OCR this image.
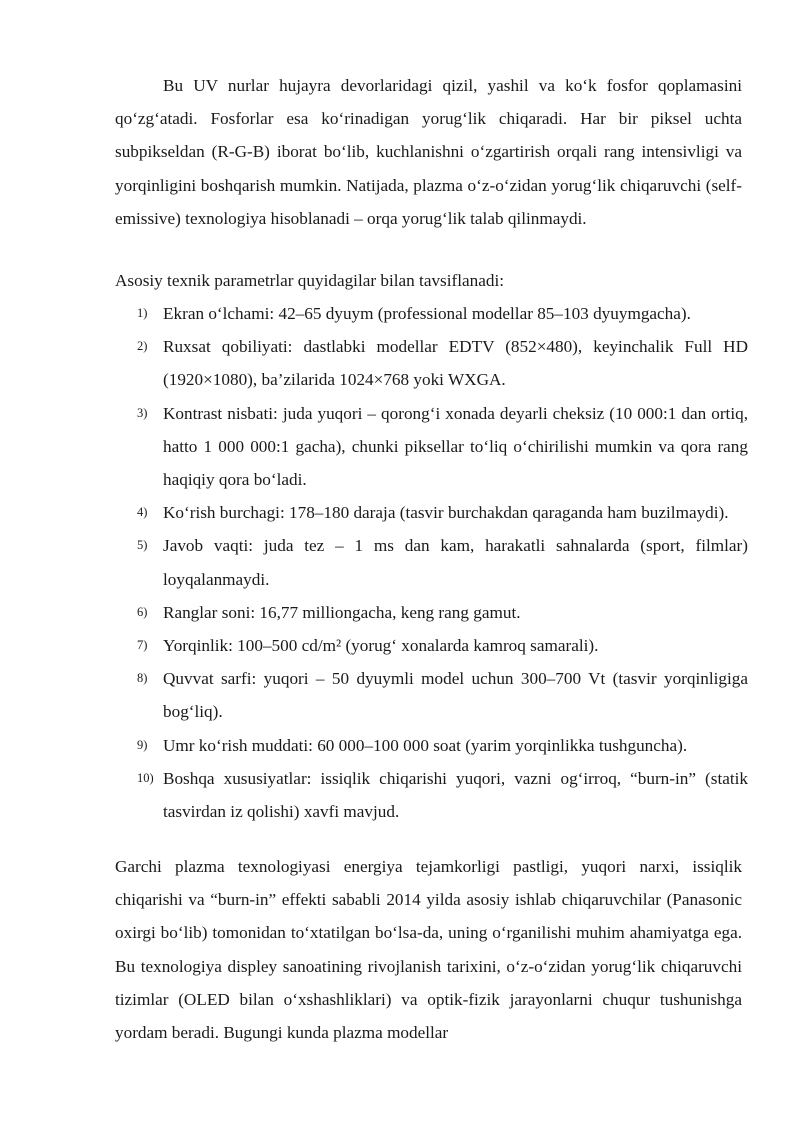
Bu UV nurlar hujayra devorlaridagi qizil, yashil va ko‘k fosfor qoplamasini qo‘zg‘atadi. Fosforlar esa ko‘rinadigan yorug‘lik chiqaradi. Har bir piksel uchta subpikseldan (R-G-B) iborat bo‘lib, kuchlanishni o‘zgartirish orqali rang intensivligi va yorqinligini boshqarish mumkin. Natijada, plazma o‘z-o‘zidan yorug‘lik chiqaruvchi (self-emissive) texnologiya hisoblanadi – orqa yorug‘lik talab qilinmaydi.

Asosiy texnik parametrlar quyidagilar bilan tavsiflanadi:
1) Ekran o‘lchami: 42–65 dyuym (professional modellar 85–103 dyuymgacha).
2) Ruxsat qobiliyati: dastlabki modellar EDTV (852×480), keyinchalik Full HD (1920×1080), ba’zilarida 1024×768 yoki WXGA.
3) Kontrast nisbati: juda yuqori – qorong‘i xonada deyarli cheksiz (10 000:1 dan ortiq, hatto 1 000 000:1 gacha), chunki piksellar to‘liq o‘chirilishi mumkin va qora rang haqiqiy qora bo‘ladi.
4) Ko‘rish burchagi: 178–180 daraja (tasvir burchakdan qaraganda ham buzilmaydi).
5) Javob vaqti: juda tez – 1 ms dan kam, harakatli sahnalarda (sport, filmlar) loyqalanmaydi.
6) Ranglar soni: 16,77 milliongacha, keng rang gamut.
7) Yorqinlik: 100–500 cd/m² (yorug‘ xonalarda kamroq samarali).
8) Quvvat sarfi: yuqori – 50 dyuymli model uchun 300–700 Vt (tasvir yorqinligiga bog‘liq).
9) Umr ko‘rish muddati: 60 000–100 000 soat (yarim yorqinlikka tushguncha).
10) Boshqa xususiyatlar: issiqlik chiqarishi yuqori, vazni og‘irroq, “burn-in” (statik tasvirdan iz qolishi) xavfi mavjud.

Garchi plazma texnologiyasi energiya tejamkorligi pastligi, yuqori narxi, issiqlik chiqarishi va “burn-in” effekti sababli 2014 yilda asosiy ishlab chiqaruvchilar (Panasonic oxirgi bo‘lib) tomonidan to‘xtatilgan bo‘lsa-da, uning o‘rganilishi muhim ahamiyatga ega. Bu texnologiya displey sanoatining rivojlanish tarixini, o‘z-o‘zidan yorug‘lik chiqaruvchi tizimlar (OLED bilan o‘xshashliklari) va optik-fizik jarayonlarni chuqur tushunishga yordam beradi. Bugungi kunda plazma modellar
